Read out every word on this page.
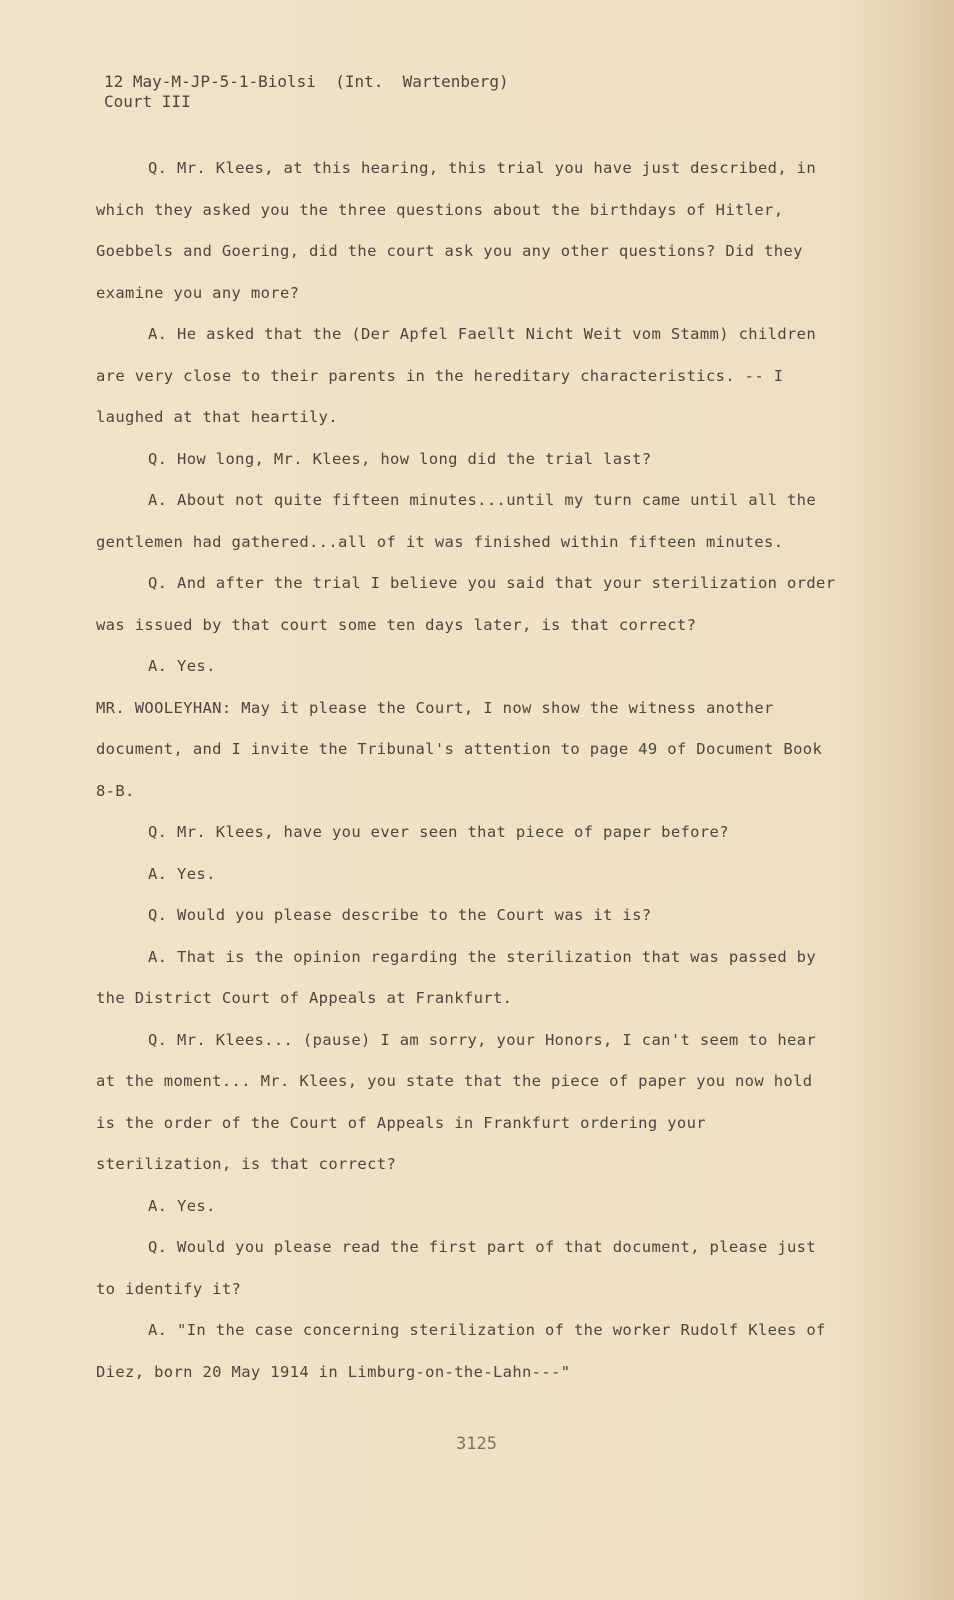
12 May-M-JP-5-1-Biolsi  (Int.  Wartenberg)
Court III

Q. Mr. Klees, at this hearing, this trial you have just described, in which they asked you the three questions about the birthdays of Hitler, Goebbels and Goering, did the court ask you any other questions? Did they examine you any more?

A. He asked that the (Der Apfel Faellt Nicht Weit vom Stamm) children are very close to their parents in the hereditary characteristics. -- I laughed at that heartily.

Q. How long, Mr. Klees, how long did the trial last?

A. About not quite fifteen minutes...until my turn came until all the gentlemen had gathered...all of it was finished within fifteen minutes.

Q. And after the trial I believe you said that your sterilization order was issued by that court some ten days later, is that correct?

A. Yes.

MR. WOOLEYHAN: May it please the Court, I now show the witness another document, and I invite the Tribunal's attention to page 49 of Document Book 8-B.

Q. Mr. Klees, have you ever seen that piece of paper before?

A. Yes.

Q. Would you please describe to the Court was it is?

A. That is the opinion regarding the sterilization that was passed by the District Court of Appeals at Frankfurt.

Q. Mr. Klees... (pause) I am sorry, your Honors, I can't seem to hear at the moment... Mr. Klees, you state that the piece of paper you now hold is the order of the Court of Appeals in Frankfurt ordering your sterilization, is that correct?

A. Yes.

Q. Would you please read the first part of that document, please just to identify it?

A. "In the case concerning sterilization of the worker Rudolf Klees of Diez, born 20 May 1914 in Limburg-on-the-Lahn---"

3125
